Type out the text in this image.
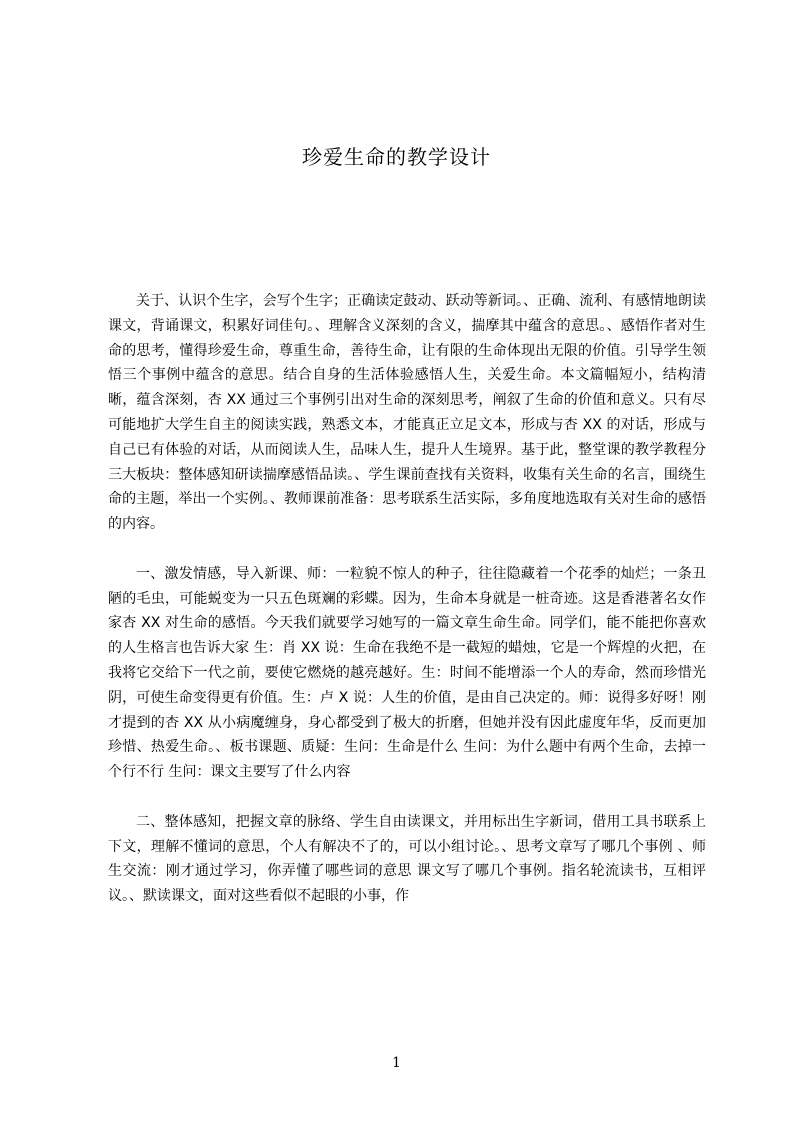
珍爱生命的教学设计

关于、认识个生字，会写个生字；正确读定鼓动、跃动等新词。、正确、流利、有感情地朗读课文，背诵课文，积累好词佳句。、理解含义深刻的含义，揣摩其中蕴含的意思。、感悟作者对生命的思考，懂得珍爱生命，尊重生命，善待生命，让有限的生命体现出无限的价值。引导学生领悟三个事例中蕴含的意思。结合自身的生活体验感悟人生，关爱生命。本文篇幅短小，结构清晰，蕴含深刻，杏 XX 通过三个事例引出对生命的深刻思考，阐叙了生命的价值和意义。只有尽可能地扩大学生自主的阅读实践，熟悉文本，才能真正立足文本，形成与杏 XX 的对话，形成与自己已有体验的对话，从而阅读人生，品味人生，提升人生境界。基于此，整堂课的教学教程分三大板块：整体感知研读揣摩感悟品读。、学生课前查找有关资料，收集有关生命的名言，围绕生命的主题，举出一个实例。、教师课前准备：思考联系生活实际，多角度地选取有关对生命的感悟的内容。

一、激发情感，导入新课、师：一粒貌不惊人的种子，往往隐藏着一个花季的灿烂；一条丑陋的毛虫，可能蜕变为一只五色斑斓的彩蝶。因为，生命本身就是一桩奇迹。这是香港著名女作家杏 XX 对生命的感悟。今天我们就要学习她写的一篇文章生命生命。同学们，能不能把你喜欢的人生格言也告诉大家 生：肖 XX 说：生命在我绝不是一截短的蜡烛，它是一个辉煌的火把，在我将它交给下一代之前，要使它燃烧的越亮越好。生：时间不能增添一个人的寿命，然而珍惜光阴，可使生命变得更有价值。生：卢 X 说：人生的价值，是由自己决定的。师：说得多好呀！刚才提到的杏 XX 从小病魔缠身，身心都受到了极大的折磨，但她并没有因此虚度年华，反而更加珍惜、热爱生命。、板书课题、质疑：生问：生命是什么 生问：为什么题中有两个生命，去掉一个行不行 生问：课文主要写了什么内容

二、整体感知，把握文章的脉络、学生自由读课文，并用标出生字新词，借用工具书联系上下文，理解不懂词的意思，个人有解决不了的，可以小组讨论。、思考文章写了哪几个事例 、师生交流：刚才通过学习，你弄懂了哪些词的意思 课文写了哪几个事例。指名轮流读书，互相评议。、默读课文，面对这些看似不起眼的小事，作

1
